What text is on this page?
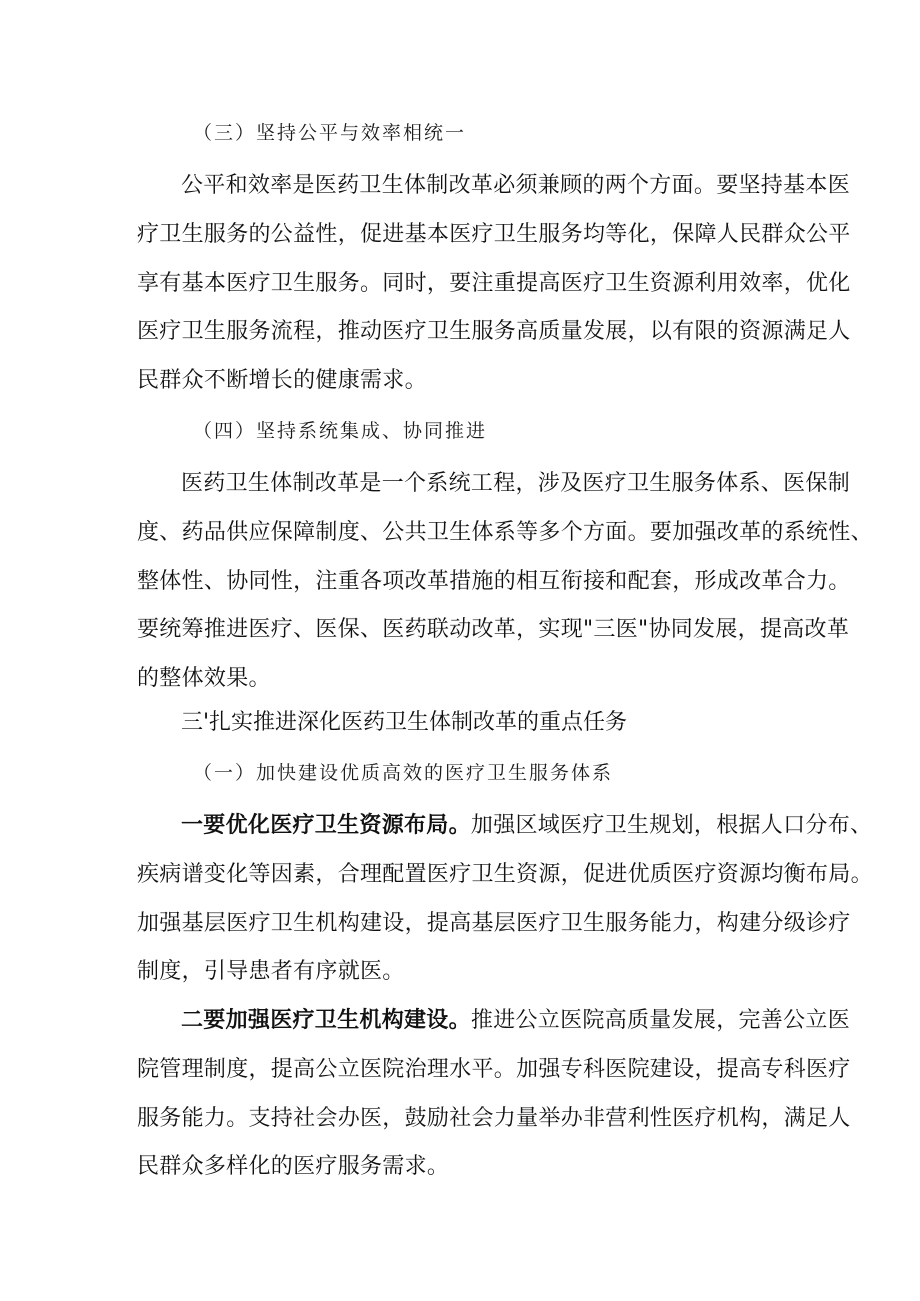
（三）坚持公平与效率相统一
公平和效率是医药卫生体制改革必须兼顾的两个方面。要坚持基本医
疗卫生服务的公益性，促进基本医疗卫生服务均等化，保障人民群众公平
享有基本医疗卫生服务。同时，要注重提高医疗卫生资源利用效率，优化
医疗卫生服务流程，推动医疗卫生服务高质量发展，以有限的资源满足人
民群众不断增长的健康需求。
（四）坚持系统集成、协同推进
医药卫生体制改革是一个系统工程，涉及医疗卫生服务体系、医保制
度、药品供应保障制度、公共卫生体系等多个方面。要加强改革的系统性、
整体性、协同性，注重各项改革措施的相互衔接和配套，形成改革合力。
要统筹推进医疗、医保、医药联动改革，实现"三医"协同发展，提高改革
的整体效果。
三'扎实推进深化医药卫生体制改革的重点任务
（一）加快建设优质高效的医疗卫生服务体系
一要优化医疗卫生资源布局。加强区域医疗卫生规划，根据人口分布、
疾病谱变化等因素，合理配置医疗卫生资源，促进优质医疗资源均衡布局。
加强基层医疗卫生机构建设，提高基层医疗卫生服务能力，构建分级诊疗
制度，引导患者有序就医。
二要加强医疗卫生机构建设。推进公立医院高质量发展，完善公立医
院管理制度，提高公立医院治理水平。加强专科医院建设，提高专科医疗
服务能力。支持社会办医，鼓励社会力量举办非营利性医疗机构，满足人
民群众多样化的医疗服务需求。
